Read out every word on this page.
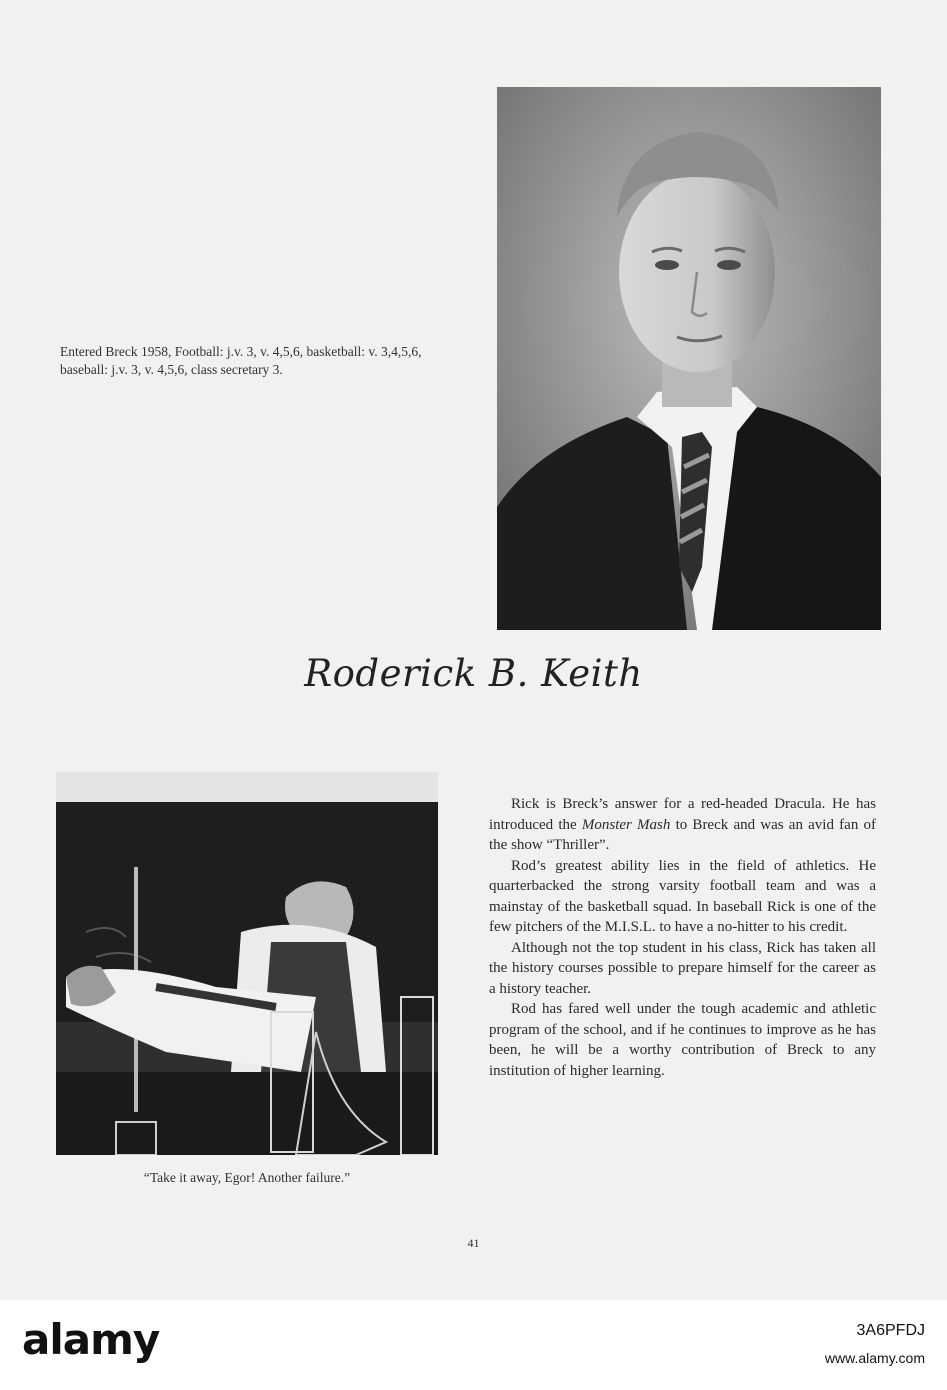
Entered Breck 1958, Football: j.v. 3, v. 4,5,6, basketball: v. 3,4,5,6, baseball: j.v. 3, v. 4,5,6, class secretary 3.
Roderick B. Keith
“Take it away, Egor! Another failure.”

Rick is Breck’s answer for a red-headed Dracula. He has introduced the Monster Mash to Breck and was an avid fan of the show “Thriller”.

Rod’s greatest ability lies in the field of athletics. He quarterbacked the strong varsity football team and was a mainstay of the basketball squad. In baseball Rick is one of the few pitchers of the M.I.S.L. to have a no-hitter to his credit.

Although not the top student in his class, Rick has taken all the history courses possible to prepare himself for the career as a history teacher.

Rod has fared well under the tough academic and athletic program of the school, and if he continues to improve as he has been, he will be a worthy contribution of Breck to any institution of higher learning.

41
alamy	3A6PFDJ
www.alamy.com
